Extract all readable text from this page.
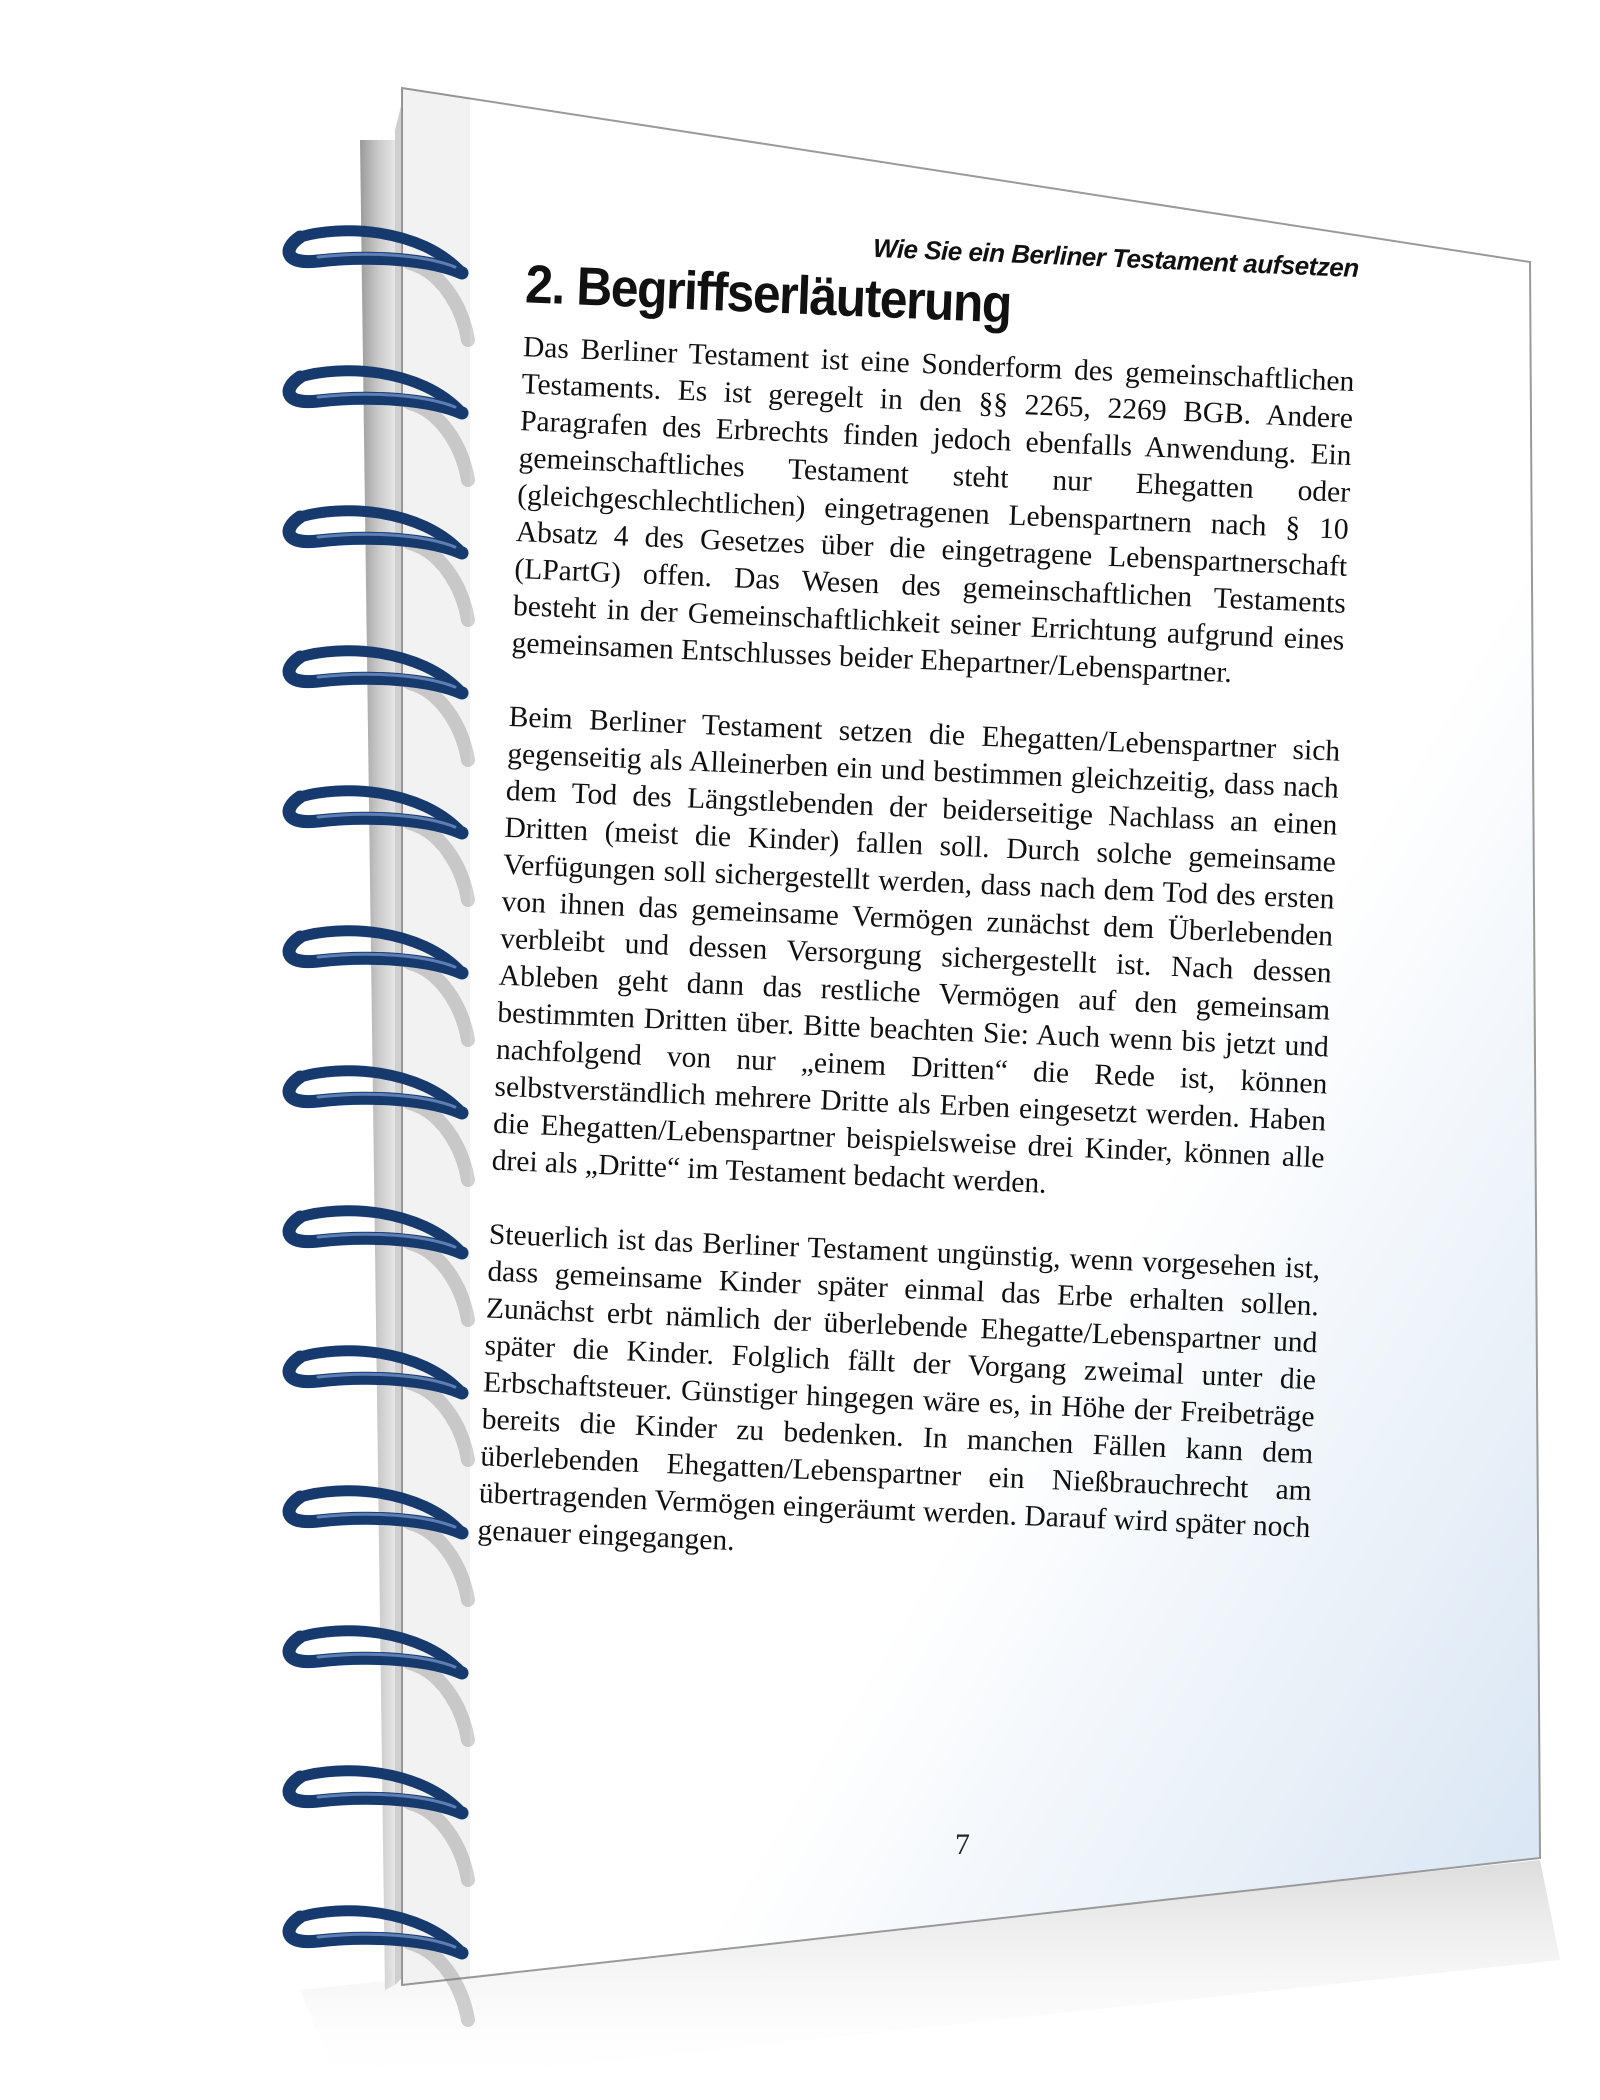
Wie Sie ein Berliner Testament aufsetzen
2. Begriffserläuterung

Das Berliner Testament ist eine Sonderform des gemeinschaftlichen Testaments. Es ist geregelt in den §§ 2265, 2269 BGB. Andere Paragrafen des Erbrechts finden jedoch ebenfalls Anwendung. Ein gemeinschaftliches Testament steht nur Ehegatten oder (gleichgeschlechtlichen) eingetragenen Lebenspartnern nach § 10 Absatz 4 des Gesetzes über die eingetragene Lebenspartnerschaft (LPartG) offen. Das Wesen des gemeinschaftlichen Testaments besteht in der Gemeinschaftlichkeit seiner Errichtung aufgrund eines gemeinsamen Entschlusses beider Ehepartner/Lebenspartner.

Beim Berliner Testament setzen die Ehegatten/Lebenspartner sich gegenseitig als Alleinerben ein und bestimmen gleichzeitig, dass nach dem Tod des Längstlebenden der beiderseitige Nachlass an einen Dritten (meist die Kinder) fallen soll. Durch solche gemeinsame Verfügungen soll sichergestellt werden, dass nach dem Tod des ersten von ihnen das gemeinsame Vermögen zunächst dem Überlebenden verbleibt und dessen Versorgung sichergestellt ist. Nach dessen Ableben geht dann das restliche Vermögen auf den gemeinsam bestimmten Dritten über. Bitte beachten Sie: Auch wenn bis jetzt und nachfolgend von nur „einem Dritten“ die Rede ist, können selbstverständlich mehrere Dritte als Erben eingesetzt werden. Haben die Ehegatten/Lebenspartner beispielsweise drei Kinder, können alle drei als „Dritte“ im Testament bedacht werden.

Steuerlich ist das Berliner Testament ungünstig, wenn vorgesehen ist, dass gemeinsame Kinder später einmal das Erbe erhalten sollen. Zunächst erbt nämlich der überlebende Ehegatte/Lebenspartner und später die Kinder. Folglich fällt der Vorgang zweimal unter die Erbschaftsteuer. Günstiger hingegen wäre es, in Höhe der Freibeträge bereits die Kinder zu bedenken. In manchen Fällen kann dem überlebenden Ehegatten/Lebenspartner ein Nießbrauchrecht am übertragenden Vermögen eingeräumt werden. Darauf wird später noch genauer eingegangen.

7
